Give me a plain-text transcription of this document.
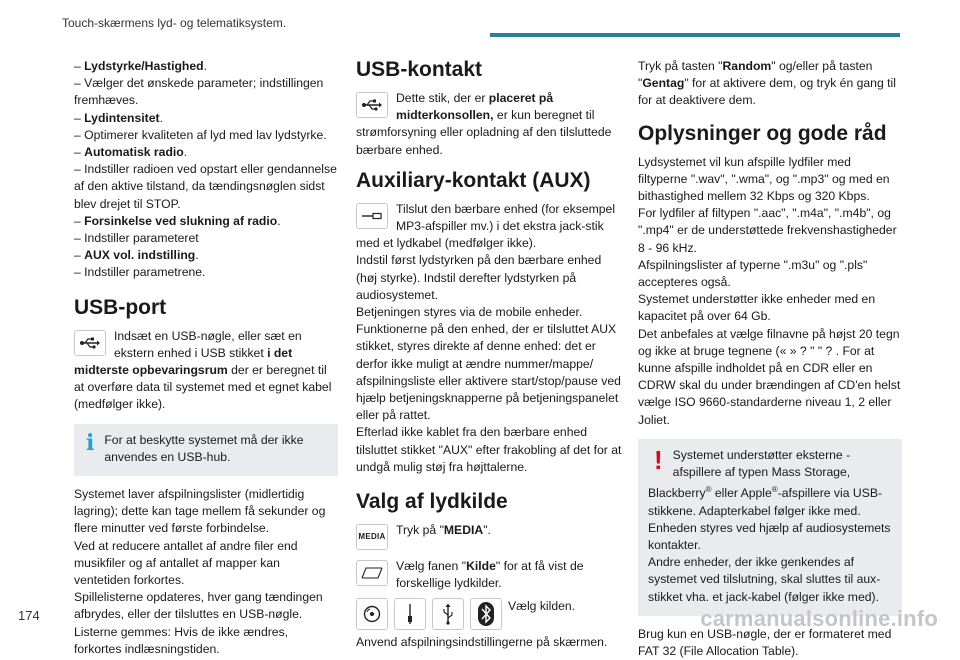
Touch-skærmens lyd- og telematiksystem.

– Lydstyrke/Hastighed.

– Vælger det ønskede parameter; indstillingen fremhæves.

– Lydintensitet.

– Optimerer kvaliteten af lyd med lav lydstyrke.

– Automatisk radio.

– Indstiller radioen ved opstart eller gendannelse af den aktive tilstand, da tændingsnøglen sidst blev drejet til STOP.

– Forsinkelse ved slukning af radio.

– Indstiller parameteret

– AUX vol. indstilling.

– Indstiller parametrene.

USB-port

Indsæt en USB-nøgle, eller sæt en ekstern enhed i USB stikket i det midterste opbevaringsrum der er beregnet til at overføre data til systemet med et egnet kabel (medfølger ikke).

i For at beskytte systemet må der ikke anvendes en USB-hub.

Systemet laver afspilningslister (midlertidig lagring); dette kan tage mellem få sekunder og flere minutter ved første forbindelse.

Ved at reducere antallet af andre filer end musikfiler og af antallet af mapper kan ventetiden forkortes.

Spillelisterne opdateres, hver gang tændingen afbrydes, eller der tilsluttes en USB-nøgle. Listerne gemmes: Hvis de ikke ændres, forkortes indlæsningstiden.

USB-kontakt

Dette stik, der er placeret på midterkonsollen, er kun beregnet til strømforsyning eller opladning af den tilsluttede bærbare enhed.

Auxiliary-kontakt (AUX)

Tilslut den bærbare enhed (for eksempel MP3-afspiller mv.) i det ekstra jack-stik med et lydkabel (medfølger ikke).

Indstil først lydstyrken på den bærbare enhed (høj styrke). Indstil derefter lydstyrken på audiosystemet.

Betjeningen styres via de mobile enheder. Funktionerne på den enhed, der er tilsluttet AUX stikket, styres direkte af denne enhed: det er derfor ikke muligt at ændre nummer/mappe/ afspilningsliste eller aktivere start/stop/pause ved hjælp betjeningsknapperne på betjeningspanelet eller på rattet.

Efterlad ikke kablet fra den bærbare enhed tilsluttet stikket "AUX" efter frakobling af det for at undgå mulig støj fra højttalerne.

Valg af lydkilde

MEDIA Tryk på "MEDIA".

Vælg fanen "Kilde" for at få vist de forskellige lydkilder.

Vælg kilden.

Anvend afspilningsindstillingerne på skærmen.

Tryk på tasten "Random" og/eller på tasten "Gentag" for at aktivere dem, og tryk én gang til for at deaktivere dem.

Oplysninger og gode råd

Lydsystemet vil kun afspille lydfiler med filtyperne ".wav", ".wma", og ".mp3" og med en bithastighed mellem 32 Kbps og 320 Kbps.

For lydfiler af filtypen ".aac", ".m4a", ".m4b", og ".mp4" er de understøttede frekvenshastigheder 8 - 96 kHz.

Afspilningslister af typerne ".m3u" og ".pls" accepteres også.

Systemet understøtter ikke enheder med en kapacitet på over 64 Gb.

Det anbefales at vælge filnavne på højst 20 tegn og ikke at bruge tegnene (« » ? " " ? . For at kunne afspille indholdet på en CDR eller en CDRW skal du under brændingen af CD'en helst vælge ISO 9660-standarderne niveau 1, 2 eller Joliet.

! Systemet understøtter eksterne -afspillere af typen Mass Storage, Blackberry® eller Apple®-afspillere via USB-stikkene. Adapterkabel følger ikke med. Enheden styres ved hjælp af audiosystemets kontakter.

Andre enheder, der ikke genkendes af systemet ved tilslutning, skal sluttes til aux-stikket vha. et jack-kabel (følger ikke med).

Brug kun en USB-nøgle, der er formateret med FAT 32 (File Allocation Table).

174	carmanualsonline.info
